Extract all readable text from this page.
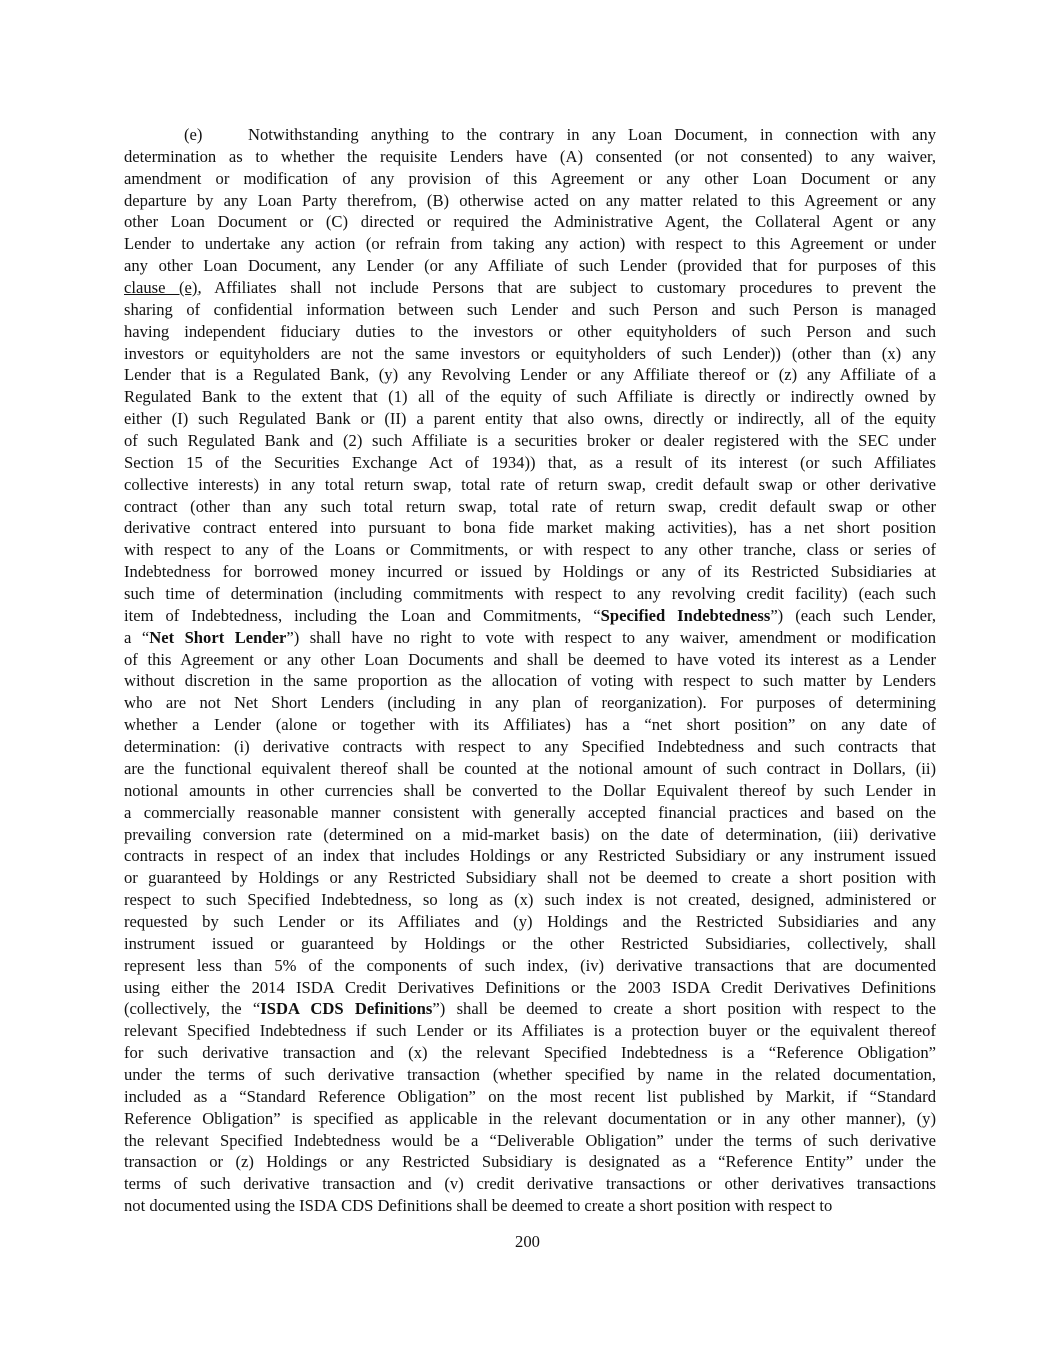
(e)	Notwithstanding anything to the contrary in any Loan Document, in connection with any
determination as to whether the requisite Lenders have (A) consented (or not consented) to any waiver,
amendment or modification of any provision of this Agreement or any other Loan Document or any
departure by any Loan Party therefrom, (B) otherwise acted on any matter related to this Agreement or any
other Loan Document or (C) directed or required the Administrative Agent, the Collateral Agent or any
Lender to undertake any action (or refrain from taking any action) with respect to this Agreement or under
any other Loan Document, any Lender (or any Affiliate of such Lender (provided that for purposes of this
clause (e), Affiliates shall not include Persons that are subject to customary procedures to prevent the
sharing of confidential information between such Lender and such Person and such Person is managed
having independent fiduciary duties to the investors or other equityholders of such Person and such
investors or equityholders are not the same investors or equityholders of such Lender)) (other than (x) any
Lender that is a Regulated Bank, (y) any Revolving Lender or any Affiliate thereof or (z) any Affiliate of a
Regulated Bank to the extent that (1) all of the equity of such Affiliate is directly or indirectly owned by
either (I) such Regulated Bank or (II) a parent entity that also owns, directly or indirectly, all of the equity
of such Regulated Bank and (2) such Affiliate is a securities broker or dealer registered with the SEC under
Section 15 of the Securities Exchange Act of 1934)) that, as a result of its interest (or such Affiliates
collective interests) in any total return swap, total rate of return swap, credit default swap or other derivative
contract (other than any such total return swap, total rate of return swap, credit default swap or other
derivative contract entered into pursuant to bona fide market making activities), has a net short position
with respect to any of the Loans or Commitments, or with respect to any other tranche, class or series of
Indebtedness for borrowed money incurred or issued by Holdings or any of its Restricted Subsidiaries at
such time of determination (including commitments with respect to any revolving credit facility) (each such
item of Indebtedness, including the Loan and Commitments, “Specified Indebtedness”) (each such Lender,
a “Net Short Lender”) shall have no right to vote with respect to any waiver, amendment or modification
of this Agreement or any other Loan Documents and shall be deemed to have voted its interest as a Lender
without discretion in the same proportion as the allocation of voting with respect to such matter by Lenders
who are not Net Short Lenders (including in any plan of reorganization). For purposes of determining
whether a Lender (alone or together with its Affiliates) has a “net short position” on any date of
determination: (i) derivative contracts with respect to any Specified Indebtedness and such contracts that
are the functional equivalent thereof shall be counted at the notional amount of such contract in Dollars, (ii)
notional amounts in other currencies shall be converted to the Dollar Equivalent thereof by such Lender in
a commercially reasonable manner consistent with generally accepted financial practices and based on the
prevailing conversion rate (determined on a mid-market basis) on the date of determination, (iii) derivative
contracts in respect of an index that includes Holdings or any Restricted Subsidiary or any instrument issued
or guaranteed by Holdings or any Restricted Subsidiary shall not be deemed to create a short position with
respect to such Specified Indebtedness, so long as (x) such index is not created, designed, administered or
requested by such Lender or its Affiliates and (y) Holdings and the Restricted Subsidiaries and any
instrument issued or guaranteed by Holdings or the other Restricted Subsidiaries, collectively, shall
represent less than 5% of the components of such index, (iv) derivative transactions that are documented
using either the 2014 ISDA Credit Derivatives Definitions or the 2003 ISDA Credit Derivatives Definitions
(collectively, the “ISDA CDS Definitions”) shall be deemed to create a short position with respect to the
relevant Specified Indebtedness if such Lender or its Affiliates is a protection buyer or the equivalent thereof
for such derivative transaction and (x) the relevant Specified Indebtedness is a “Reference Obligation”
under the terms of such derivative transaction (whether specified by name in the related documentation,
included as a “Standard Reference Obligation” on the most recent list published by Markit, if “Standard
Reference Obligation” is specified as applicable in the relevant documentation or in any other manner), (y)
the relevant Specified Indebtedness would be a “Deliverable Obligation” under the terms of such derivative
transaction or (z) Holdings or any Restricted Subsidiary is designated as a “Reference Entity” under the
terms of such derivative transaction and (v) credit derivative transactions or other derivatives transactions
not documented using the ISDA CDS Definitions shall be deemed to create a short position with respect to
200
